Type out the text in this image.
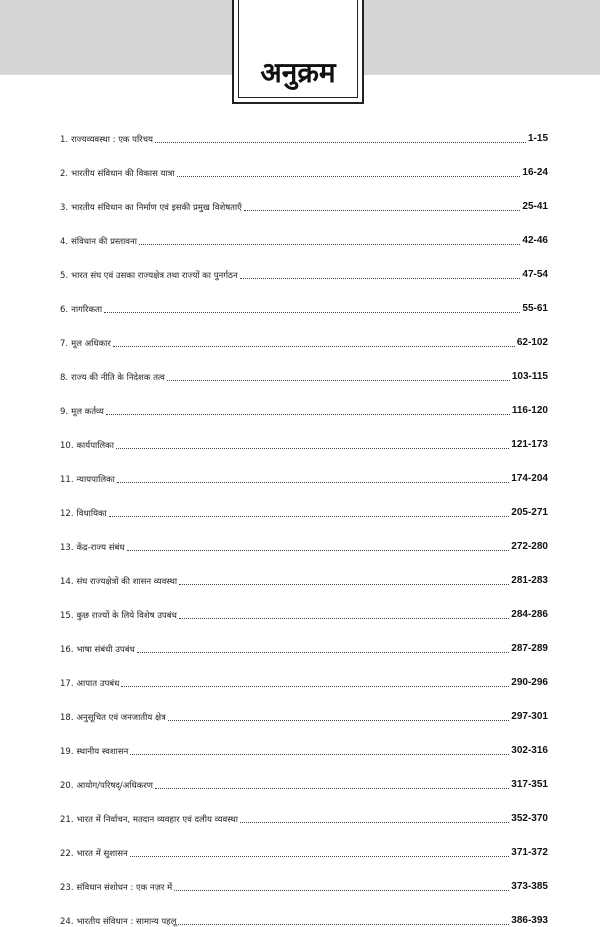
अनुक्रम
1. राज्यव्यवस्था : एक परिचय	1-15
2. भारतीय संविधान की विकास यात्रा	16-24
3. भारतीय संविधान का निर्माण एवं इसकी प्रमुख विशेषताएँ	25-41
4. संविधान की प्रस्तावना	42-46
5. भारत संघ एवं उसका राज्यक्षेत्र तथा राज्यों का पुनर्गठन	47-54
6. नागरिकता	55-61
7. मूल अधिकार	62-102
8. राज्य की नीति के निदेशक तत्व	103-115
9. मूल कर्तव्य	116-120
10. कार्यपालिका	121-173
11. न्यायपालिका	174-204
12. विधायिका	205-271
13. केंद्र-राज्य संबंध	272-280
14. संघ राज्यक्षेत्रों की शासन व्यवस्था	281-283
15. कुछ राज्यों के लिये विशेष उपबंध	284-286
16. भाषा संबंधी उपबंध	287-289
17. आपात उपबंध	290-296
18. अनुसूचित एवं जनजातीय क्षेत्र	297-301
19. स्थानीय स्वशासन	302-316
20. आयोग/परिषद्/अधिकरण	317-351
21. भारत में निर्वाचन, मतदान व्यवहार एवं दलीय व्यवस्था	352-370
22. भारत में सुशासन	371-372
23. संविधान संशोधन : एक नज़र में	373-385
24. भारतीय संविधान : सामान्य पहलू	386-393
